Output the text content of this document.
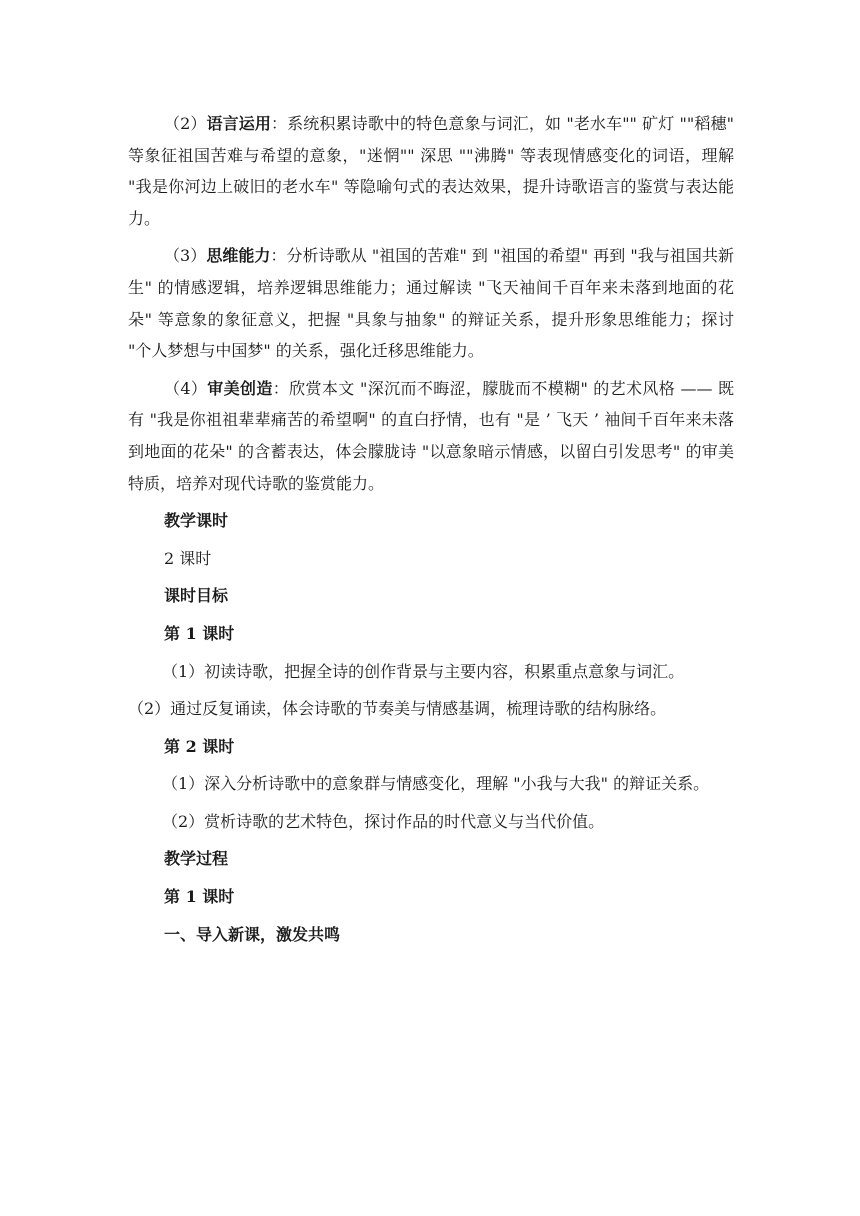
（2）语言运用：系统积累诗歌中的特色意象与词汇，如 "老水车"" 矿灯 ""稻穗" 等象征祖国苦难与希望的意象，"迷惘"" 深思 ""沸腾" 等表现情感变化的词语，理解 "我是你河边上破旧的老水车" 等隐喻句式的表达效果，提升诗歌语言的鉴赏与表达能力。

（3）思维能力：分析诗歌从 "祖国的苦难" 到 "祖国的希望" 再到 "我与祖国共新生" 的情感逻辑，培养逻辑思维能力；通过解读 "飞天袖间千百年来未落到地面的花朵" 等意象的象征意义，把握 "具象与抽象" 的辩证关系，提升形象思维能力；探讨 "个人梦想与中国梦" 的关系，强化迁移思维能力。

（4）审美创造：欣赏本文 "深沉而不晦涩，朦胧而不模糊" 的艺术风格 —— 既有 "我是你祖祖辈辈痛苦的希望啊" 的直白抒情，也有 "是 ’ 飞天 ’ 袖间千百年来未落到地面的花朵" 的含蓄表达，体会朦胧诗 "以意象暗示情感，以留白引发思考" 的审美特质，培养对现代诗歌的鉴赏能力。

教学课时

2 课时

课时目标

第 1 课时

（1）初读诗歌，把握全诗的创作背景与主要内容，积累重点意象与词汇。

（2）通过反复诵读，体会诗歌的节奏美与情感基调，梳理诗歌的结构脉络。

第 2 课时

（1）深入分析诗歌中的意象群与情感变化，理解 "小我与大我" 的辩证关系。

（2）赏析诗歌的艺术特色，探讨作品的时代意义与当代价值。

教学过程

第 1 课时

一、导入新课，激发共鸣
